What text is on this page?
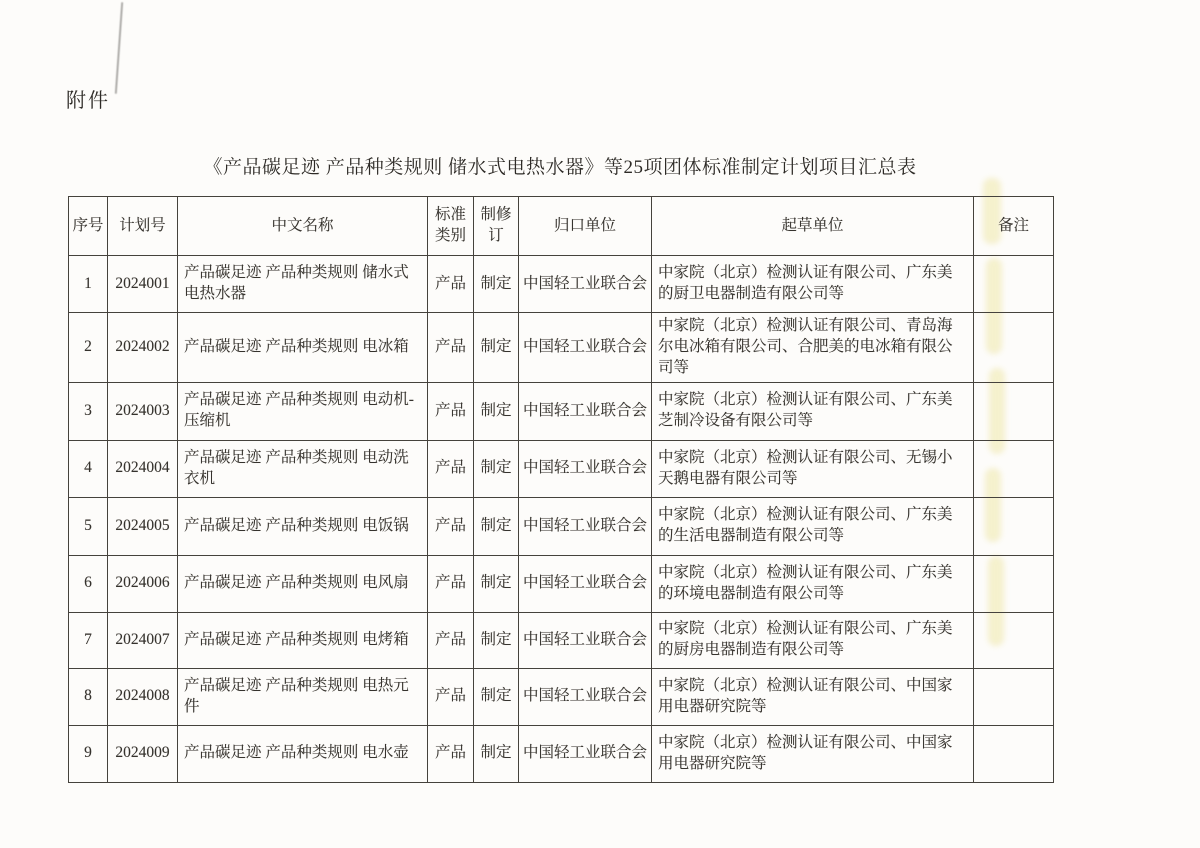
附件
《产品碳足迹 产品种类规则 储水式电热水器》等25项团体标准制定计划项目汇总表
序号	计划号	中文名称	标准类别	制修订	归口单位	起草单位	备注
1	2024001	产品碳足迹 产品种类规则 储水式电热水器	产品	制定	中国轻工业联合会	中家院（北京）检测认证有限公司、广东美的厨卫电器制造有限公司等	
2	2024002	产品碳足迹 产品种类规则 电冰箱	产品	制定	中国轻工业联合会	中家院（北京）检测认证有限公司、青岛海尔电冰箱有限公司、合肥美的电冰箱有限公司等	
3	2024003	产品碳足迹 产品种类规则 电动机-压缩机	产品	制定	中国轻工业联合会	中家院（北京）检测认证有限公司、广东美芝制冷设备有限公司等	
4	2024004	产品碳足迹 产品种类规则 电动洗衣机	产品	制定	中国轻工业联合会	中家院（北京）检测认证有限公司、无锡小天鹅电器有限公司等	
5	2024005	产品碳足迹 产品种类规则 电饭锅	产品	制定	中国轻工业联合会	中家院（北京）检测认证有限公司、广东美的生活电器制造有限公司等	
6	2024006	产品碳足迹 产品种类规则 电风扇	产品	制定	中国轻工业联合会	中家院（北京）检测认证有限公司、广东美的环境电器制造有限公司等	
7	2024007	产品碳足迹 产品种类规则 电烤箱	产品	制定	中国轻工业联合会	中家院（北京）检测认证有限公司、广东美的厨房电器制造有限公司等	
8	2024008	产品碳足迹 产品种类规则 电热元件	产品	制定	中国轻工业联合会	中家院（北京）检测认证有限公司、中国家用电器研究院等	
9	2024009	产品碳足迹 产品种类规则 电水壶	产品	制定	中国轻工业联合会	中家院（北京）检测认证有限公司、中国家用电器研究院等	
